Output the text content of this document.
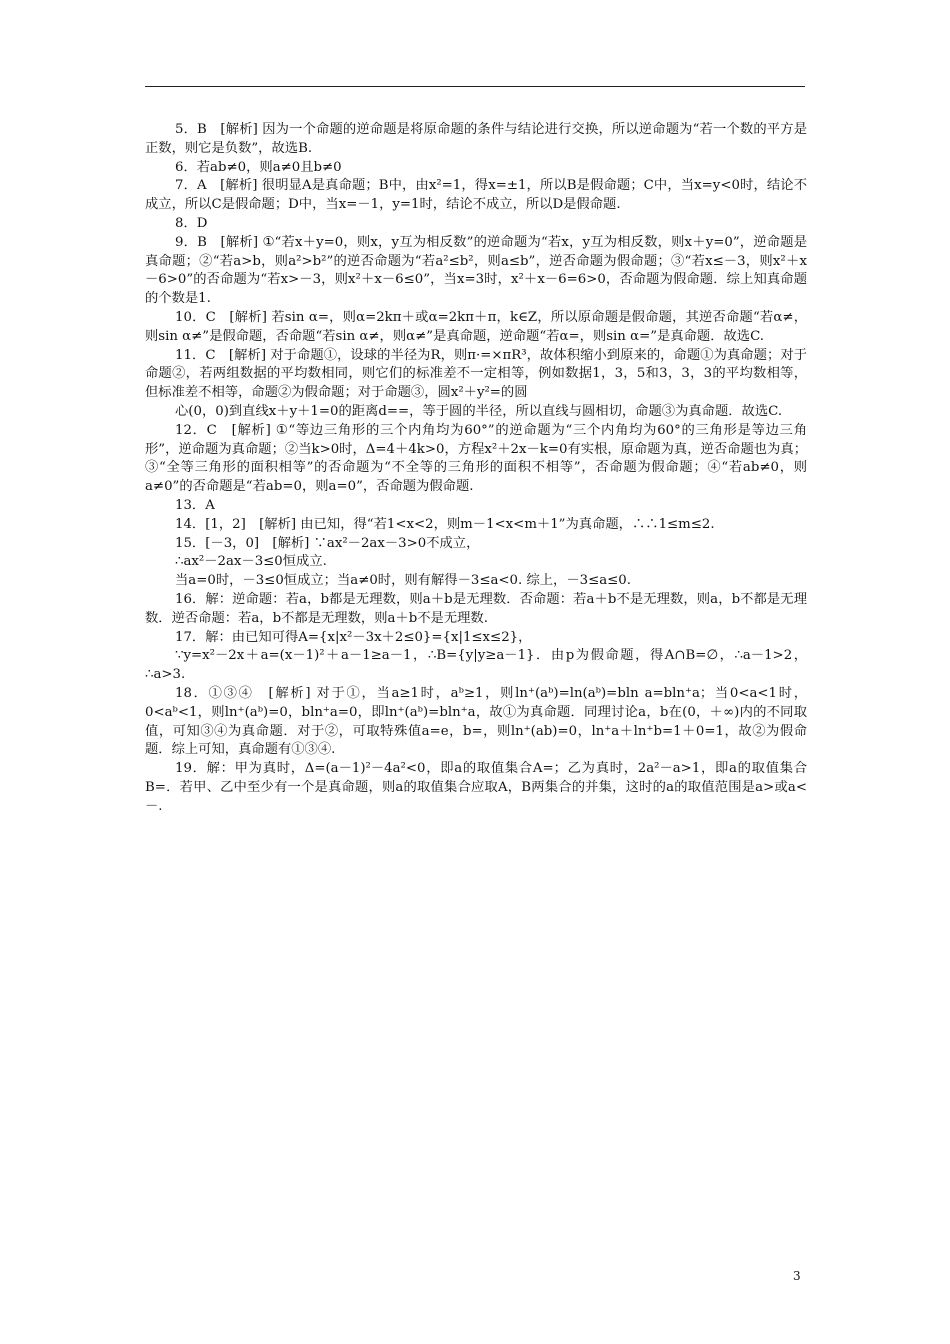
5．B　[解析] 因为一个命题的逆命题是将原命题的条件与结论进行交换，所以逆命题为“若一个数的平方是正数，则它是负数”，故选B.

6．若ab≠0，则a≠0且b≠0

7．A　[解析] 很明显A是真命题；B中，由x²=1，得x=±1，所以B是假命题；C中，当x=y<0时，结论不成立，所以C是假命题；D中，当x=－1，y=1时，结论不成立，所以D是假命题.

8．D

9．B　[解析] ①“若x＋y=0，则x，y互为相反数”的逆命题为“若x，y互为相反数，则x＋y=0”，逆命题是真命题；②“若a>b，则a²>b²”的逆否命题为“若a²≤b²，则a≤b”，逆否命题为假命题；③“若x≤－3，则x²＋x－6>0”的否命题为“若x>－3，则x²＋x－6≤0”，当x=3时，x²＋x－6=6>0，否命题为假命题．综上知真命题的个数是1.

10．C　[解析] 若sin α=，则α=2kπ＋或α=2kπ＋π，k∈Z，所以原命题是假命题，其逆否命题“若α≠，则sin α≠”是假命题，否命题“若sin α≠，则α≠”是真命题，逆命题“若α=，则sin α=”是真命题．故选C.

11．C　[解析] 对于命题①，设球的半径为R，则π·=×πR³，故体积缩小到原来的，命题①为真命题；对于命题②，若两组数据的平均数相同，则它们的标准差不一定相等，例如数据1，3，5和3，3，3的平均数相等，但标准差不相等，命题②为假命题；对于命题③，圆x²＋y²=的圆

心(0，0)到直线x＋y＋1=0的距离d==，等于圆的半径，所以直线与圆相切，命题③为真命题．故选C.

12．C　[解析] ①“等边三角形的三个内角均为60°”的逆命题为“三个内角均为60°的三角形是等边三角形”，逆命题为真命题；②当k>0时，Δ=4＋4k>0，方程x²＋2x－k=0有实根，原命题为真，逆否命题也为真；③“全等三角形的面积相等”的否命题为“不全等的三角形的面积不相等”，否命题为假命题；④“若ab≠0，则a≠0”的否命题是“若ab=0，则a=0”，否命题为假命题.

13．A

14．[1，2]　[解析] 由已知，得“若1<x<2，则m－1<x<m＋1”为真命题，∴∴1≤m≤2.

15．[－3，0]　[解析] ∵ax²－2ax－3>0不成立，

∴ax²－2ax－3≤0恒成立.

当a=0时，－3≤0恒成立；当a≠0时，则有解得－3≤a<0. 综上，－3≤a≤0.

16．解：逆命题：若a，b都是无理数，则a＋b是无理数．否命题：若a＋b不是无理数，则a，b不都是无理数．逆否命题：若a，b不都是无理数，则a＋b不是无理数.

17．解：由已知可得A={x|x²－3x＋2≤0}={x|1≤x≤2}，

∵y=x²－2x＋a=(x－1)²＋a－1≥a－1，∴B={y|y≥a－1}．由p为假命题，得A∩B=∅，∴a－1>2，∴a>3.

18．①③④　[解析] 对于①，当a≥1时，aᵇ≥1，则ln⁺(aᵇ)=ln(aᵇ)=bln a=bln⁺a；当0<a<1时，0<aᵇ<1，则ln⁺(aᵇ)=0，bln⁺a=0，即ln⁺(aᵇ)=bln⁺a，故①为真命题．同理讨论a，b在(0，＋∞)内的不同取值，可知③④为真命题．对于②，可取特殊值a=e，b=，则ln⁺(ab)=0，ln⁺a＋ln⁺b=1＋0=1，故②为假命题．综上可知，真命题有①③④.

19．解：甲为真时，Δ=(a－1)²－4a²<0，即a的取值集合A=；乙为真时，2a²－a>1，即a的取值集合B=．若甲、乙中至少有一个是真命题，则a的取值集合应取A，B两集合的并集，这时的a的取值范围是a>或a<－.

3
